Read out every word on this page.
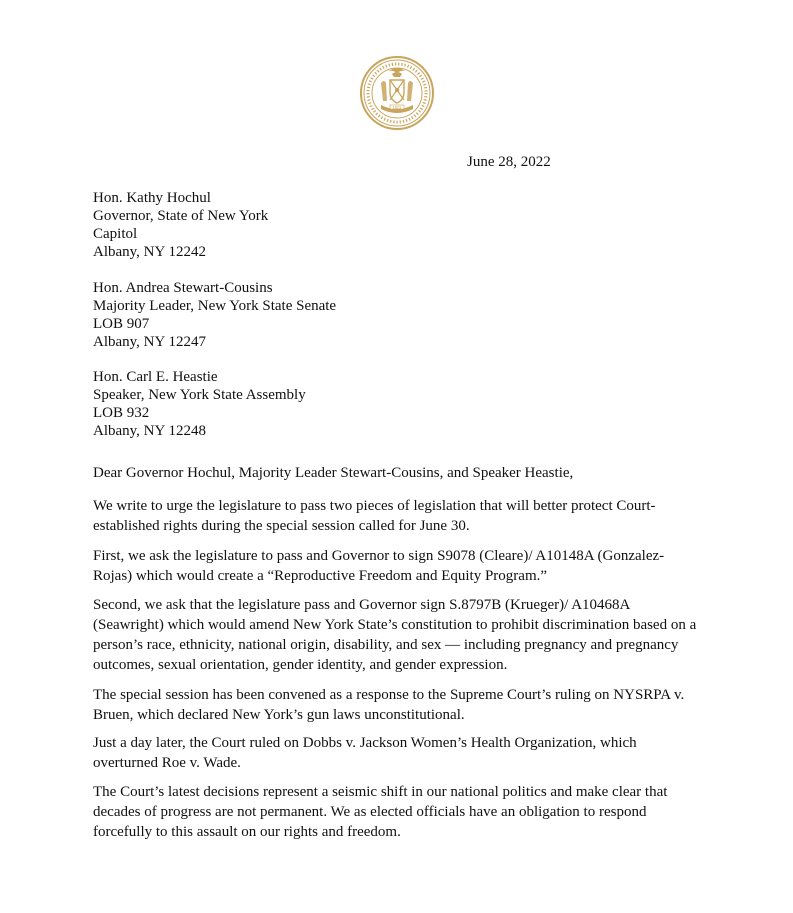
1625
June 28, 2022
Hon. Kathy Hochul
Governor, State of New York
Capitol
Albany, NY 12242
Hon. Andrea Stewart-Cousins
Majority Leader, New York State Senate
LOB 907
Albany, NY 12247
Hon. Carl E. Heastie
Speaker, New York State Assembly
LOB 932
Albany, NY 12248
Dear Governor Hochul, Majority Leader Stewart-Cousins, and Speaker Heastie,

We write to urge the legislature to pass two pieces of legislation that will better protect Court-established rights during the special session called for June 30.

First, we ask the legislature to pass and Governor to sign S9078 (Cleare)/ A10148A (Gonzalez-Rojas) which would create a “Reproductive Freedom and Equity Program.”

Second, we ask that the legislature pass and Governor sign S.8797B (Krueger)/ A10468A (Seawright) which would amend New York State’s constitution to prohibit discrimination based on a person’s race, ethnicity, national origin, disability, and sex — including pregnancy and pregnancy outcomes, sexual orientation, gender identity, and gender expression.

The special session has been convened as a response to the Supreme Court’s ruling on NYSRPA v. Bruen, which declared New York’s gun laws unconstitutional.

Just a day later, the Court ruled on Dobbs v. Jackson Women’s Health Organization, which overturned Roe v. Wade.

The Court’s latest decisions represent a seismic shift in our national politics and make clear that decades of progress are not permanent. We as elected officials have an obligation to respond forcefully to this assault on our rights and freedom.
